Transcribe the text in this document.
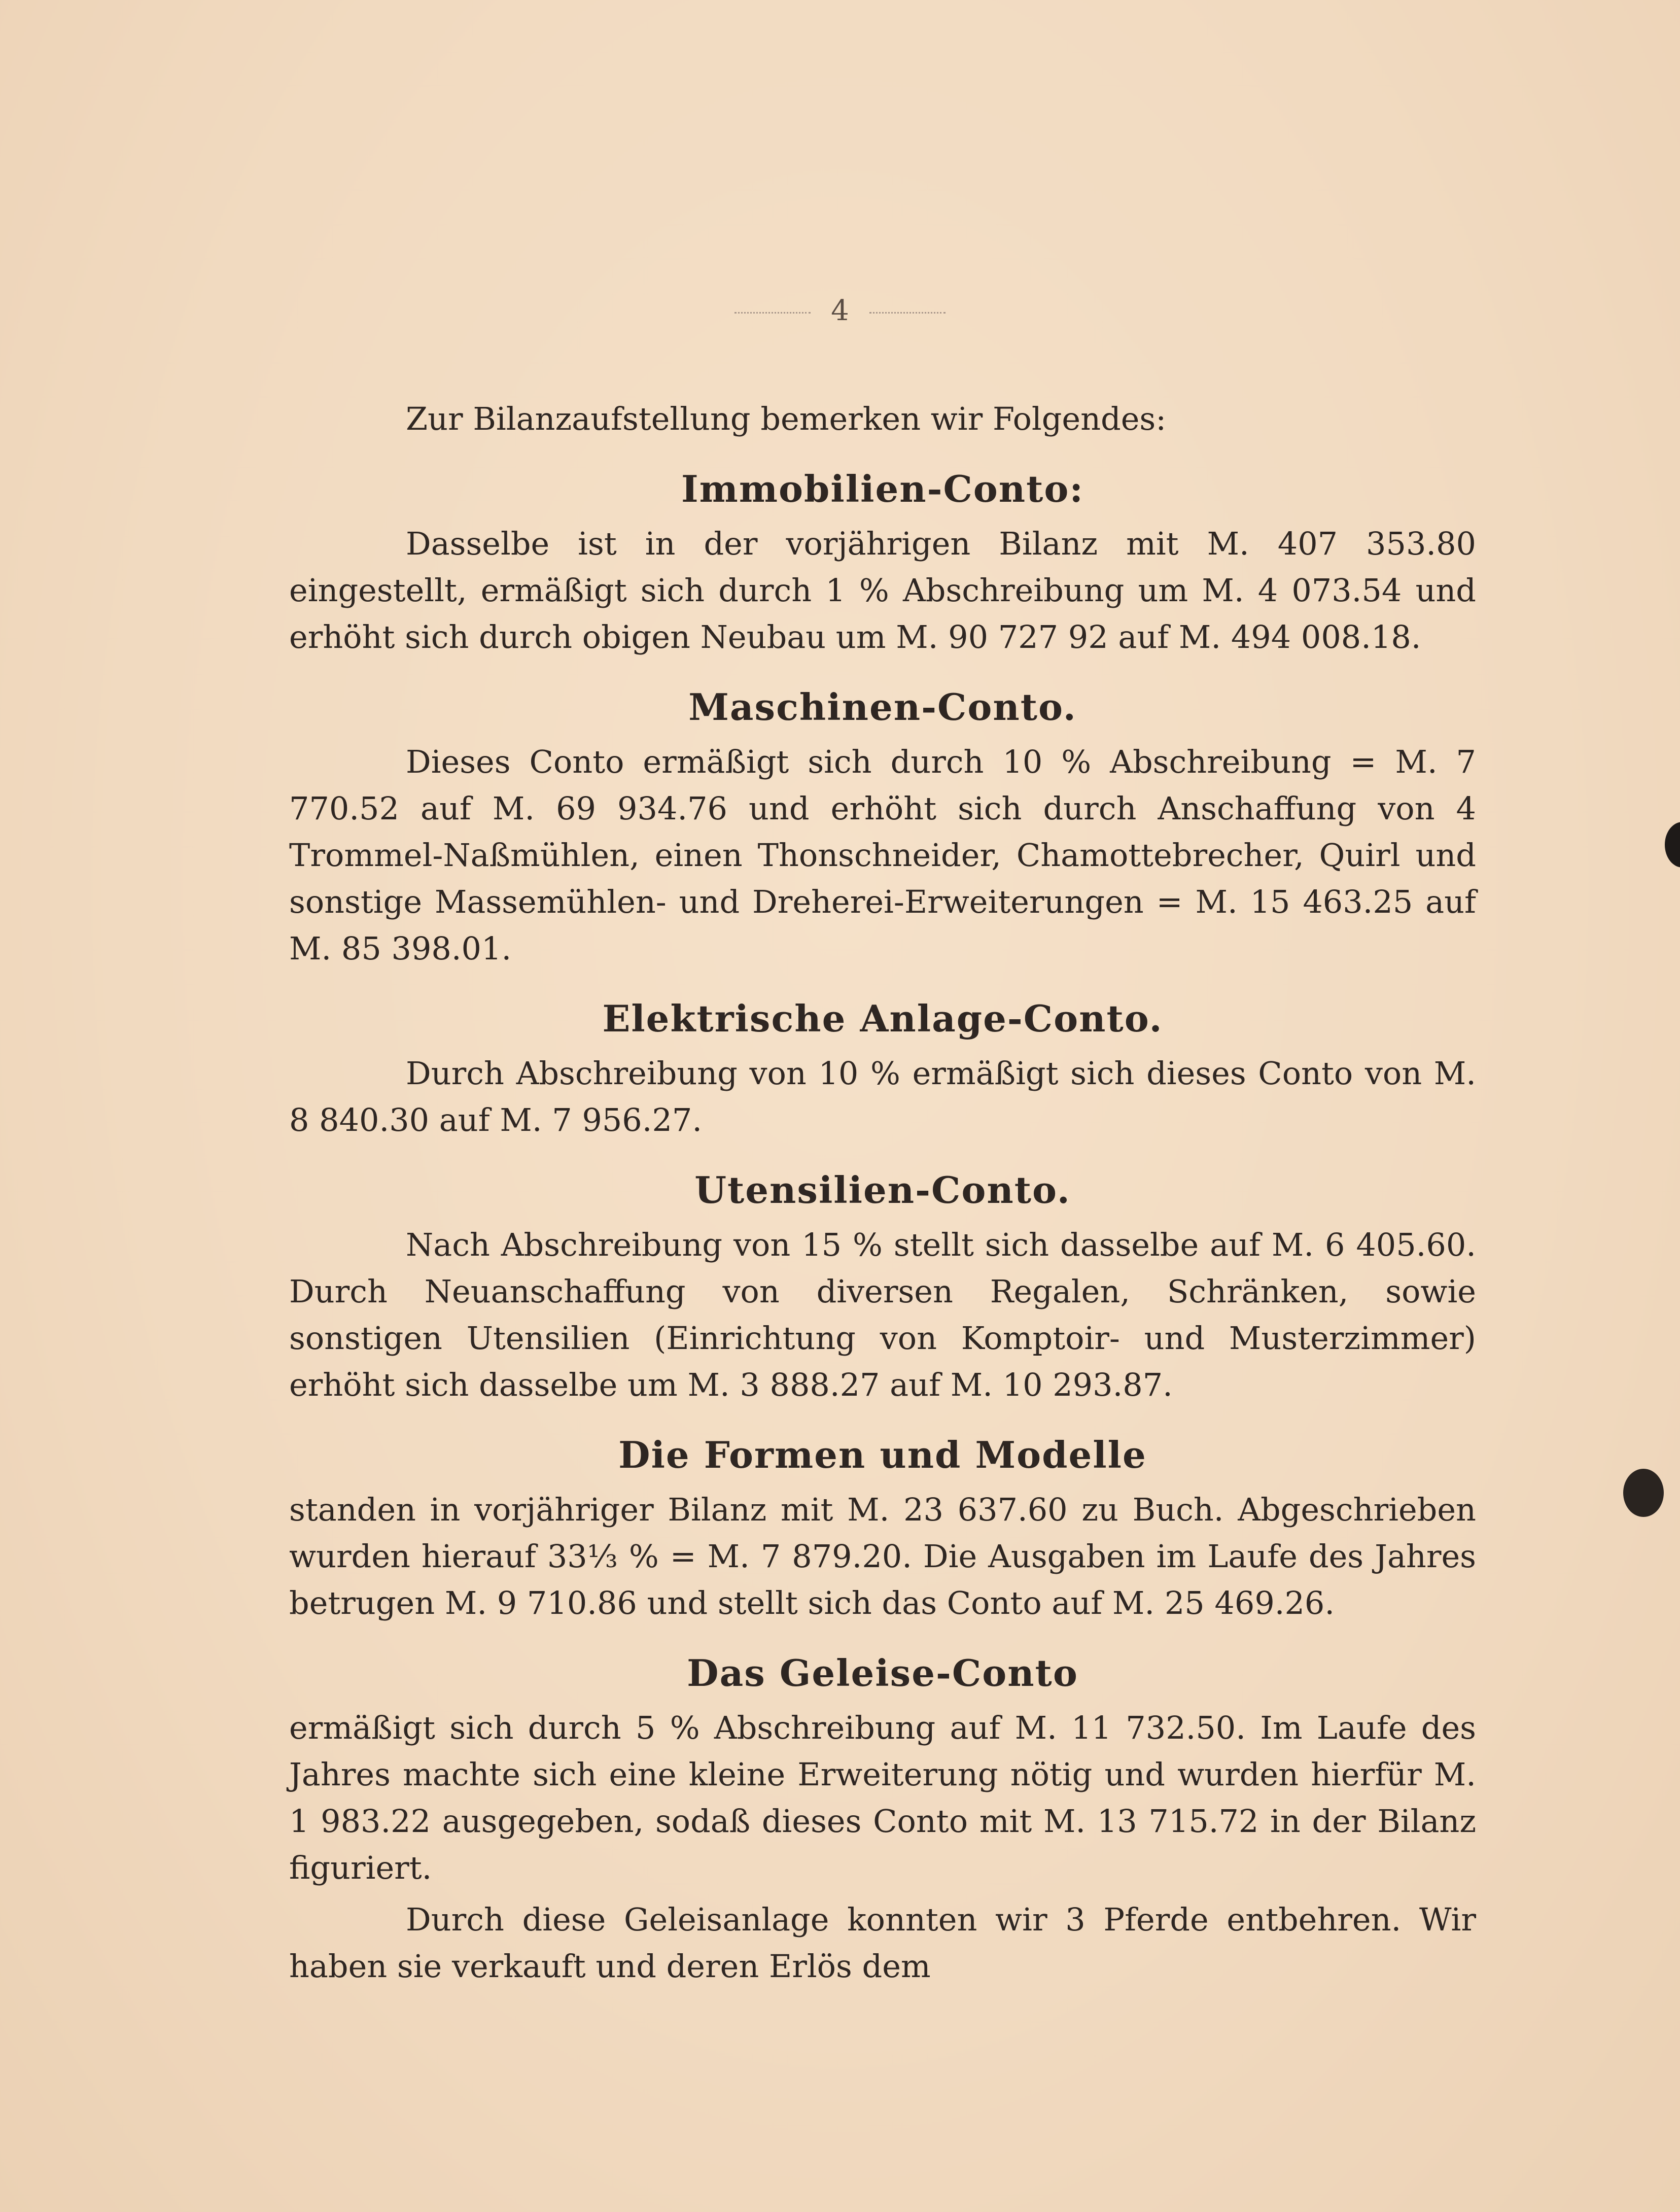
4

Zur Bilanzaufstellung bemerken wir Folgendes:

Immobilien-Conto:

Dasselbe ist in der vorjährigen Bilanz mit M. 407 353.80 eingestellt, ermäßigt sich durch 1 % Abschreibung um M. 4 073.54 und erhöht sich durch obigen Neubau um M. 90 727 92 auf M. 494 008.18.

Maschinen-Conto.

Dieses Conto ermäßigt sich durch 10 % Abschreibung = M. 7 770.52 auf M. 69 934.76 und erhöht sich durch Anschaffung von 4 Trommel-Naßmühlen, einen Thonschneider, Chamottebrecher, Quirl und sonstige Massemühlen- und Dreherei-Erweiterungen = M. 15 463.25 auf M. 85 398.01.

Elektrische Anlage-Conto.

Durch Abschreibung von 10 % ermäßigt sich dieses Conto von M. 8 840.30 auf M. 7 956.27.

Utensilien-Conto.

Nach Abschreibung von 15 % stellt sich dasselbe auf M. 6 405.60. Durch Neuanschaffung von diversen Regalen, Schränken, sowie sonstigen Utensilien (Einrichtung von Komptoir- und Musterzimmer) erhöht sich dasselbe um M. 3 888.27 auf M. 10 293.87.

Die Formen und Modelle

standen in vorjähriger Bilanz mit M. 23 637.60 zu Buch. Abgeschrieben wurden hierauf 33⅓ % = M. 7 879.20. Die Ausgaben im Laufe des Jahres betrugen M. 9 710.86 und stellt sich das Conto auf M. 25 469.26.

Das Geleise-Conto

ermäßigt sich durch 5 % Abschreibung auf M. 11 732.50. Im Laufe des Jahres machte sich eine kleine Erweiterung nötig und wurden hierfür M. 1 983.22 ausgegeben, sodaß dieses Conto mit M. 13 715.72 in der Bilanz figuriert.

Durch diese Geleisanlage konnten wir 3 Pferde entbehren. Wir haben sie verkauft und deren Erlös dem
